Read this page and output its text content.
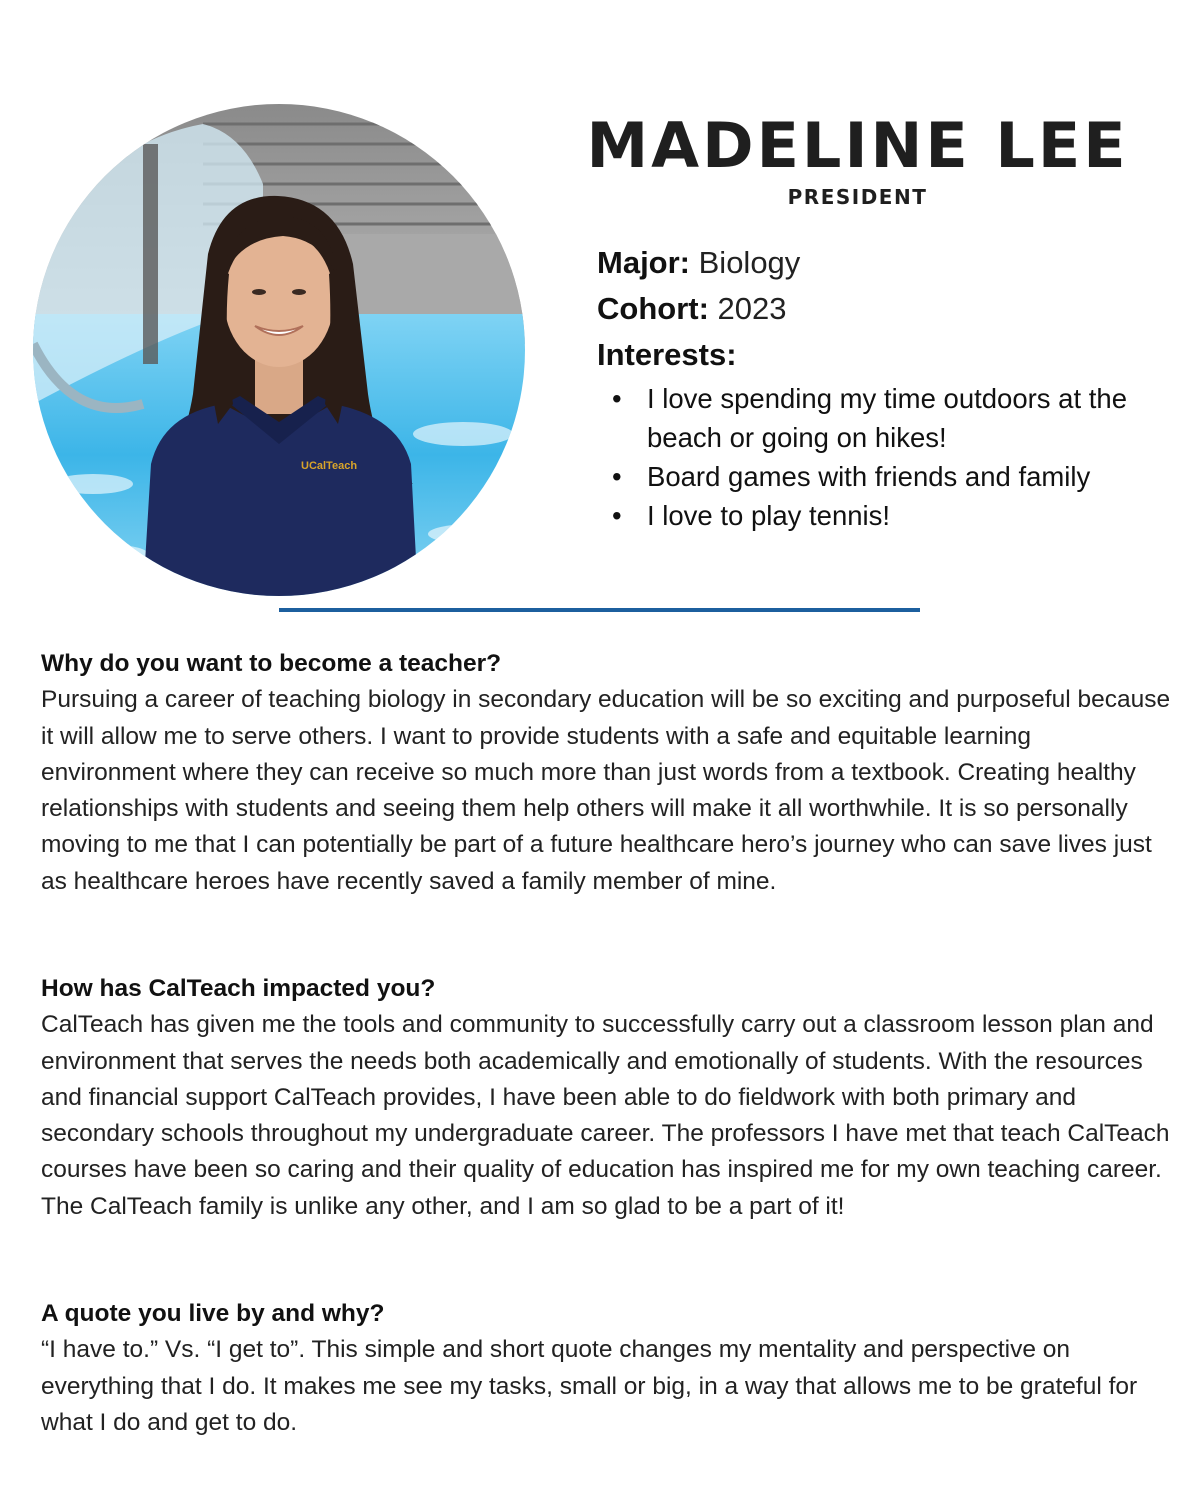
UCalTeach
MADELINE LEE
PRESIDENT
Major: Biology
Cohort: 2023
Interests:
• I love spending my time outdoors at the beach or going on hikes!
• Board games with friends and family
• I love to play tennis!
Why do you want to become a teacher?
Pursuing a career of teaching biology in secondary education will be so exciting and purposeful because it will allow me to serve others. I want to provide students with a safe and equitable learning environment where they can receive so much more than just words from a textbook. Creating healthy relationships with students and seeing them help others will make it all worthwhile. It is so personally moving to me that I can potentially be part of a future healthcare hero’s journey who can save lives just as healthcare heroes have recently saved a family member of mine.
How has CalTeach impacted you?
CalTeach has given me the tools and community to successfully carry out a classroom lesson plan and environment that serves the needs both academically and emotionally of students. With the resources and financial support CalTeach provides, I have been able to do fieldwork with both primary and secondary schools throughout my undergraduate career. The professors I have met that teach CalTeach courses have been so caring and their quality of education has inspired me for my own teaching career. The CalTeach family is unlike any other, and I am so glad to be a part of it!
A quote you live by and why?
“I have to.” Vs. “I get to”. This simple and short quote changes my mentality and perspective on everything that I do. It makes me see my tasks, small or big, in a way that allows me to be grateful for what I do and get to do.
